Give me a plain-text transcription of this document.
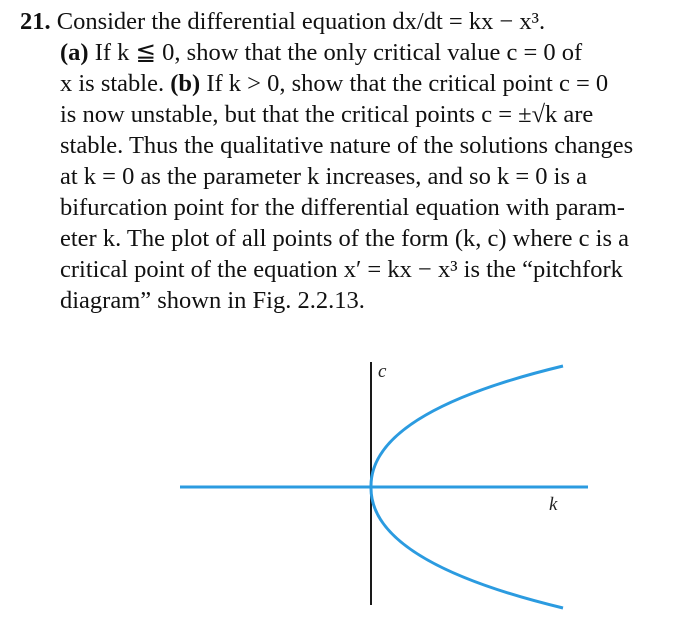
21. Consider the differential equation dx/dt = kx − x³.
(a) If k ≦ 0, show that the only critical value c = 0 of
x is stable. (b) If k > 0, show that the critical point c = 0
is now unstable, but that the critical points c = ±√k are
stable. Thus the qualitative nature of the solutions changes
at k = 0 as the parameter k increases, and so k = 0 is a
bifurcation point for the differential equation with param-
eter k. The plot of all points of the form (k, c) where c is a
critical point of the equation x′ = kx − x³ is the “pitchfork
diagram” shown in Fig. 2.2.13.
c
k
